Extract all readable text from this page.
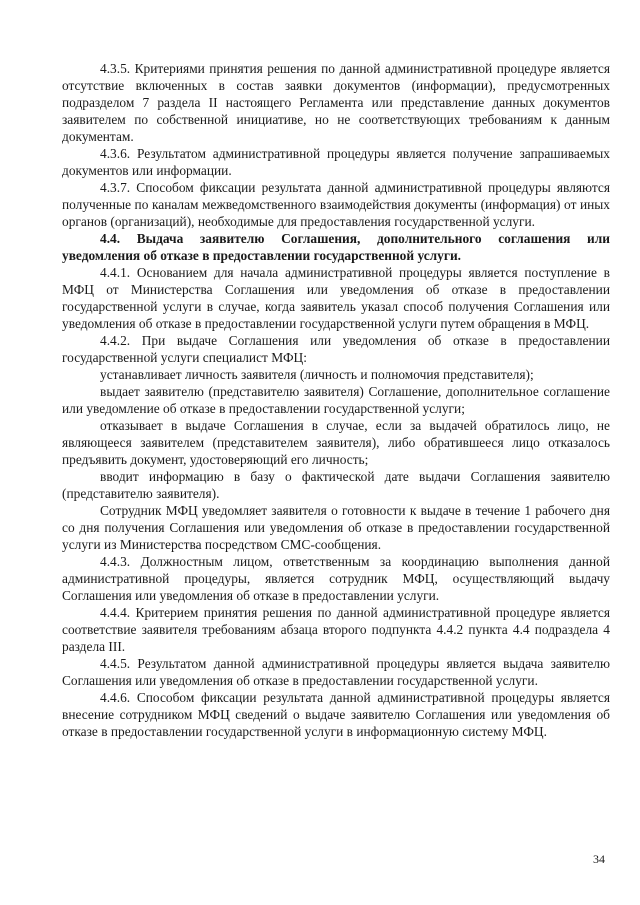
4.3.5. Критериями принятия решения по данной административной процедуре является отсутствие включенных в состав заявки документов (информации), предусмотренных подразделом 7 раздела II настоящего Регламента или представление данных документов заявителем по собственной инициативе, но не соответствующих требованиям к данным документам.

4.3.6. Результатом административной процедуры является получение запрашиваемых документов или информации.

4.3.7. Способом фиксации результата данной административной процедуры являются полученные по каналам межведомственного взаимодействия документы (информация) от иных органов (организаций), необходимые для предоставления государственной услуги.

4.4. Выдача заявителю Соглашения, дополнительного соглашения или уведомления об отказе в предоставлении государственной услуги.

4.4.1. Основанием для начала административной процедуры является поступление в МФЦ от Министерства Соглашения или уведомления об отказе в предоставлении государственной услуги в случае, когда заявитель указал способ получения Соглашения или уведомления об отказе в предоставлении государственной услуги путем обращения в МФЦ.

4.4.2. При выдаче Соглашения или уведомления об отказе в предоставлении государственной услуги специалист МФЦ:

устанавливает личность заявителя (личность и полномочия представителя);

выдает заявителю (представителю заявителя) Соглашение, дополнительное соглашение или уведомление об отказе в предоставлении государственной услуги;

отказывает в выдаче Соглашения в случае, если за выдачей обратилось лицо, не являющееся заявителем (представителем заявителя), либо обратившееся лицо отказалось предъявить документ, удостоверяющий его личность;

вводит информацию в базу о фактической дате выдачи Соглашения заявителю (представителю заявителя).

Сотрудник МФЦ уведомляет заявителя о готовности к выдаче в течение 1 рабочего дня со дня получения Соглашения или уведомления об отказе в предоставлении государственной услуги из Министерства посредством СМС-сообщения.

4.4.3. Должностным лицом, ответственным за координацию выполнения данной административной процедуры, является сотрудник МФЦ, осуществляющий выдачу Соглашения или уведомления об отказе в предоставлении услуги.

4.4.4. Критерием принятия решения по данной административной процедуре является соответствие заявителя требованиям абзаца второго подпункта 4.4.2 пункта 4.4 подраздела 4 раздела III.

4.4.5. Результатом данной административной процедуры является выдача заявителю Соглашения или уведомления об отказе в предоставлении государственной услуги.

4.4.6. Способом фиксации результата данной административной процедуры является внесение сотрудником МФЦ сведений о выдаче заявителю Соглашения или уведомления об отказе в предоставлении государственной услуги в информационную систему МФЦ.

34
